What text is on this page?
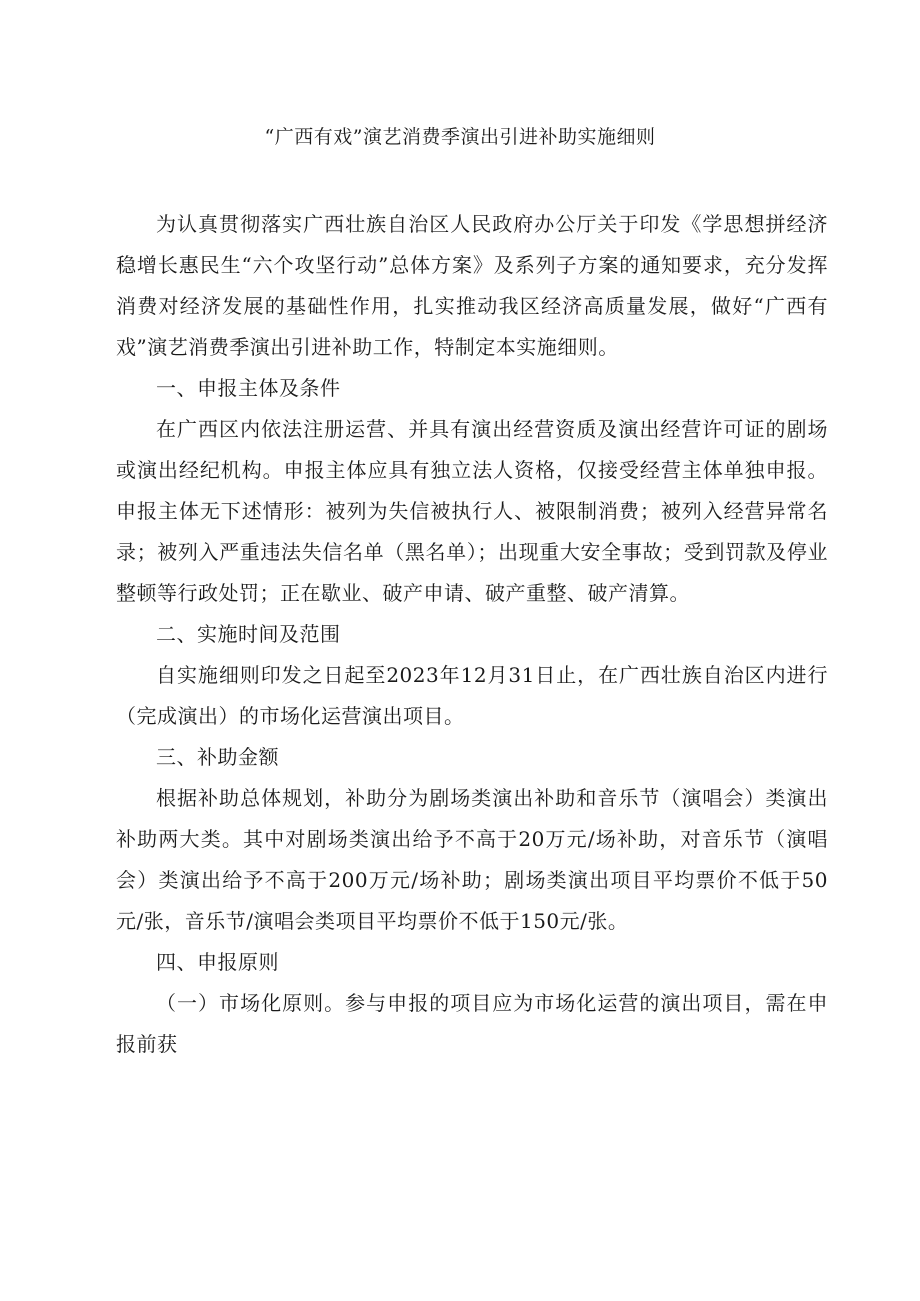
“广西有戏”演艺消费季演出引进补助实施细则

为认真贯彻落实广西壮族自治区人民政府办公厅关于印发《学思想拼经济稳增长惠民生“六个攻坚行动”总体方案》及系列子方案的通知要求，充分发挥消费对经济发展的基础性作用，扎实推动我区经济高质量发展，做好“广西有戏”演艺消费季演出引进补助工作，特制定本实施细则。

一、申报主体及条件

在广西区内依法注册运营、并具有演出经营资质及演出经营许可证的剧场或演出经纪机构。申报主体应具有独立法人资格，仅接受经营主体单独申报。申报主体无下述情形：被列为失信被执行人、被限制消费；被列入经营异常名录；被列入严重违法失信名单（黑名单）；出现重大安全事故；受到罚款及停业整顿等行政处罚；正在歇业、破产申请、破产重整、破产清算。

二、实施时间及范围

自实施细则印发之日起至2023年12月31日止，在广西壮族自治区内进行（完成演出）的市场化运营演出项目。

三、补助金额

根据补助总体规划，补助分为剧场类演出补助和音乐节（演唱会）类演出补助两大类。其中对剧场类演出给予不高于20万元/场补助，对音乐节（演唱会）类演出给予不高于200万元/场补助；剧场类演出项目平均票价不低于50元/张，音乐节/演唱会类项目平均票价不低于150元/张。

四、申报原则

（一）市场化原则。参与申报的项目应为市场化运营的演出项目，需在申报前获
